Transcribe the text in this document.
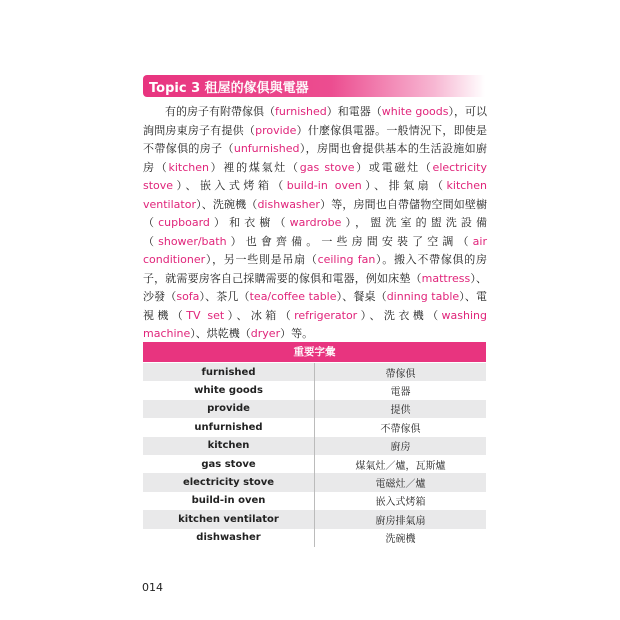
Topic 3 租屋的傢俱與電器
有的房子有附帶傢俱（furnished）和電器（white goods），可以詢問房東房子有提供（provide）什麼傢俱電器。一般情況下，即使是不帶傢俱的房子（unfurnished），房間也會提供基本的生活設施如廚房（kitchen）裡的煤氣灶（gas stove）或電磁灶（electricity stove）、嵌入式烤箱（build-in oven）、排氣扇（kitchen ventilator）、洗碗機（dishwasher）等，房間也自帶儲物空間如壁櫥（cupboard）和衣櫥（wardrobe），盥洗室的盥洗設備（shower/bath）也會齊備。一些房間安裝了空調（air conditioner），另一些則是吊扇（ceiling fan）。搬入不帶傢俱的房子，就需要房客自己採購需要的傢俱和電器，例如床墊（mattress）、沙發（sofa）、茶几（tea/coffee table）、餐桌（dinning table）、電視機（TV set）、冰箱（refrigerator）、洗衣機（washing machine）、烘乾機（dryer）等。
重要字彙
furnished	帶傢俱
white goods	電器
provide	提供
unfurnished	不帶傢俱
kitchen	廚房
gas stove	煤氣灶／爐，瓦斯爐
electricity stove	電磁灶／爐
build-in oven	嵌入式烤箱
kitchen ventilator	廚房排氣扇
dishwasher	洗碗機
014
